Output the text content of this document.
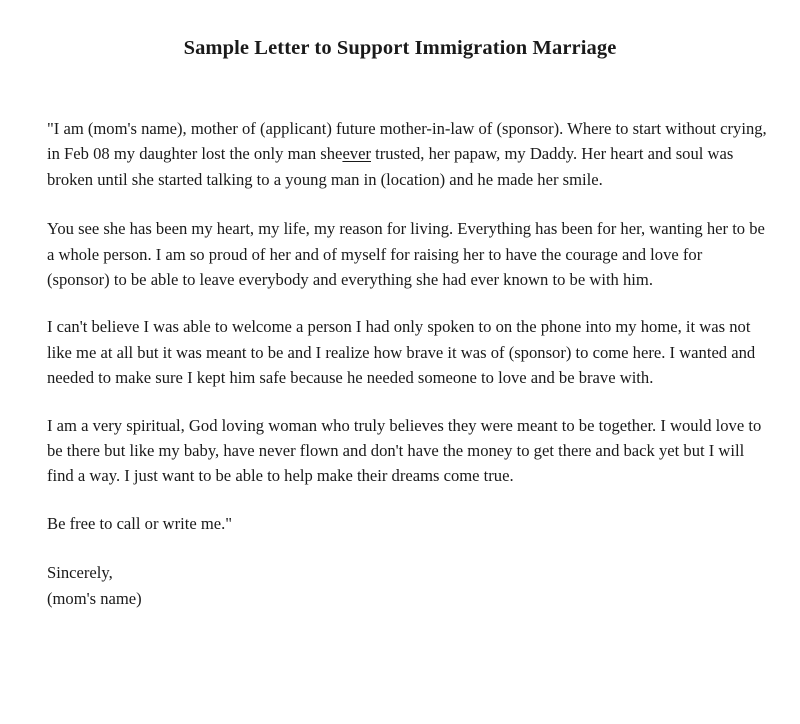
Sample Letter to Support Immigration Marriage

"I am (mom's name), mother of (applicant) future mother-in-law of (sponsor). Where to start without crying, in Feb 08 my daughter lost the only man sheever trusted, her papaw, my Daddy. Her heart and soul was broken until she started talking to a young man in (location) and he made her smile.

You see she has been my heart, my life, my reason for living. Everything has been for her, wanting her to be a whole person. I am so proud of her and of myself for raising her to have the courage and love for (sponsor) to be able to leave everybody and everything she had ever known to be with him.

I can't believe I was able to welcome a person I had only spoken to on the phone into my home, it was not like me at all but it was meant to be and I realize how brave it was of (sponsor) to come here. I wanted and needed to make sure I kept him safe because he needed someone to love and be brave with.

I am a very spiritual, God loving woman who truly believes they were meant to be together. I would love to be there but like my baby, have never flown and don't have the money to get there and back yet but I will find a way. I just want to be able to help make their dreams come true.

Be free to call or write me."

Sincerely,

(mom's name)
